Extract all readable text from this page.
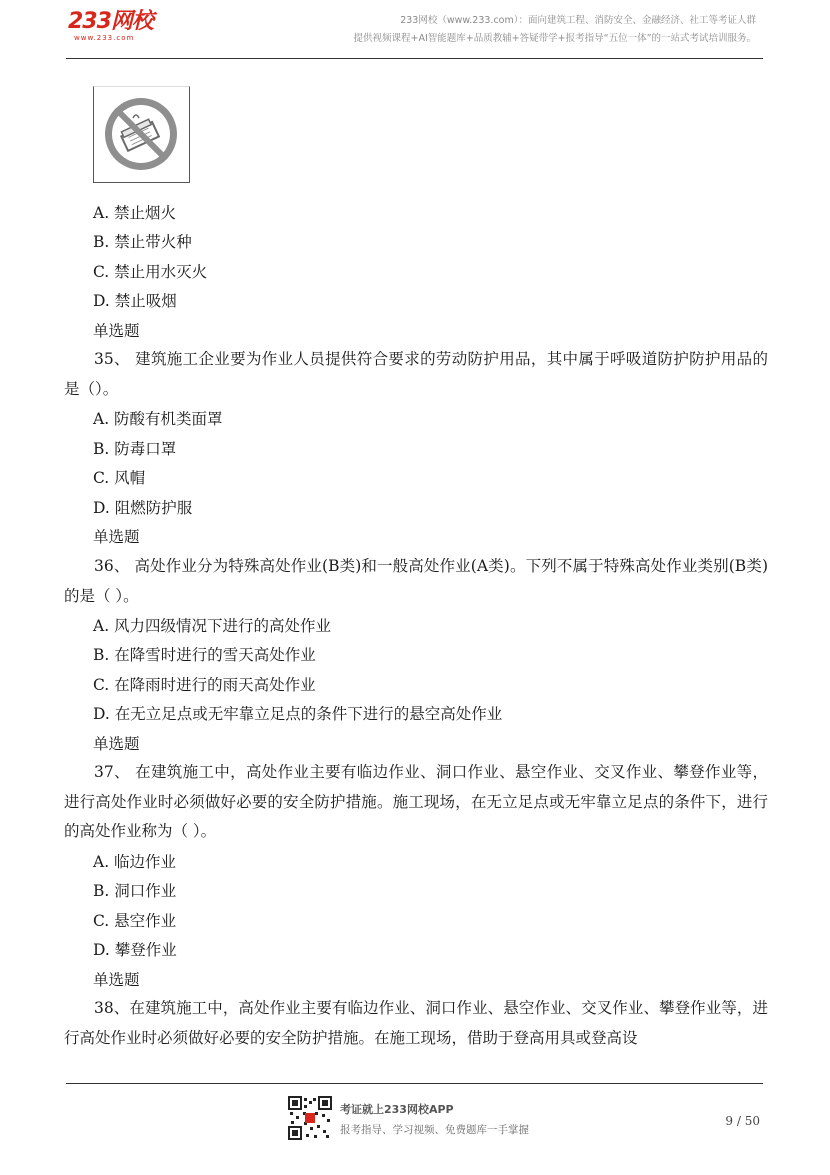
233网校
www.233.com
233网校（www.233.com）：面向建筑工程、消防安全、金融经济、社工等考证人群
提供视频课程+AI智能题库+品质教辅+答疑带学+报考指导“五位一体”的一站式考试培训服务。
A. 禁止烟火
B. 禁止带火种
C. 禁止用水灭火
D. 禁止吸烟
单选题
35、 建筑施工企业要为作业人员提供符合要求的劳动防护用品，其中属于呼吸道防护防护用品的是（）。
A. 防酸有机类面罩
B. 防毒口罩
C. 风帽
D. 阻燃防护服
单选题
36、 高处作业分为特殊高处作业(B类)和一般高处作业(A类)。下列不属于特殊高处作业类别(B类)的是（ ）。
A. 风力四级情况下进行的高处作业
B. 在降雪时进行的雪天高处作业
C. 在降雨时进行的雨天高处作业
D. 在无立足点或无牢靠立足点的条件下进行的悬空高处作业
单选题
37、 在建筑施工中，高处作业主要有临边作业、洞口作业、悬空作业、交叉作业、攀登作业等，进行高处作业时必须做好必要的安全防护措施。施工现场，在无立足点或无牢靠立足点的条件下，进行的高处作业称为（ ）。
A. 临边作业
B. 洞口作业
C. 悬空作业
D. 攀登作业
单选题
38、在建筑施工中，高处作业主要有临边作业、洞口作业、悬空作业、交叉作业、攀登作业等，进行高处作业时必须做好必要的安全防护措施。在施工现场，借助于登高用具或登高设
考证就上233网校APP
报考指导、学习视频、免费题库一手掌握
9 / 50
